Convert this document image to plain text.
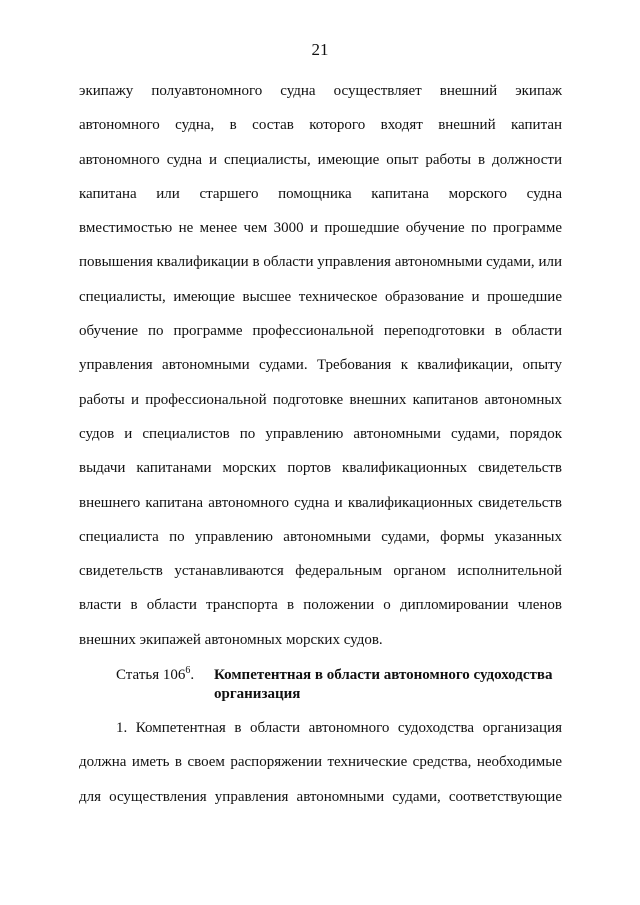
21
экипажу полуавтономного судна осуществляет внешний экипаж
автономного судна, в состав которого входят внешний капитан
автономного судна и специалисты, имеющие опыт работы в должности
капитана или старшего помощника капитана морского судна
вместимостью не менее чем 3000 и прошедшие обучение по программе
повышения квалификации в области управления автономными судами, или
специалисты, имеющие высшее техническое образование и прошедшие
обучение по программе профессиональной переподготовки в области
управления автономными судами. Требования к квалификации, опыту
работы и профессиональной подготовке внешних капитанов автономных
судов и специалистов по управлению автономными судами, порядок
выдачи капитанами морских портов квалификационных свидетельств
внешнего капитана автономного судна и квалификационных свидетельств
специалиста по управлению автономными судами, формы указанных
свидетельств устанавливаются федеральным органом исполнительной
власти в области транспорта в положении о дипломировании членов
внешних экипажей автономных морских судов.
Статья $106^6$. Компетентная в области автономного судоходства организация
1. Компетентная в области автономного судоходства организация
должна иметь в своем распоряжении технические средства, необходимые
для осуществления управления автономными судами, соответствующие
